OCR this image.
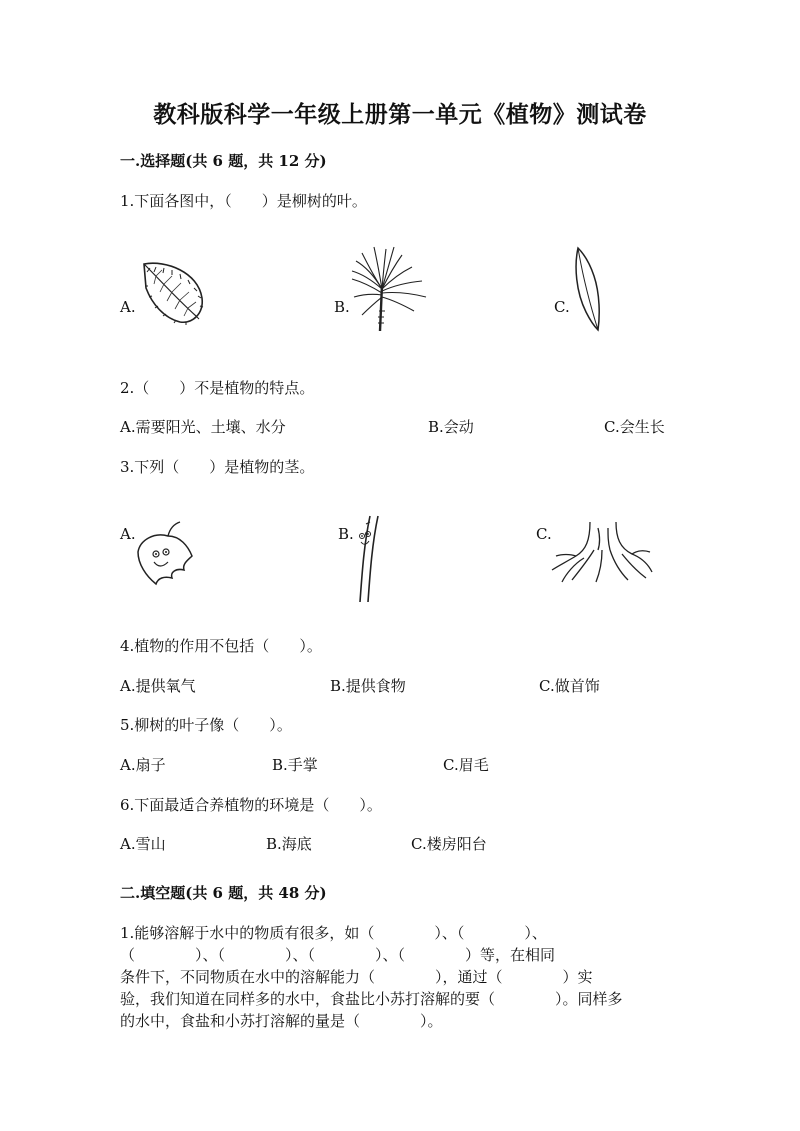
教科版科学一年级上册第一单元《植物》测试卷
一.选择题(共 6 题，共 12 分)
1.下面各图中，（　　）是柳树的叶。
A.	B.	C.
2.（　　）不是植物的特点。
A.需要阳光、土壤、水分	B.会动	C.会生长
3.下列（　　）是植物的茎。
A.	B.	C.
4.植物的作用不包括（　　）。
A.提供氧气	B.提供食物	C.做首饰
5.柳树的叶子像（　　）。
A.扇子	B.手掌	C.眉毛
6.下面最适合养植物的环境是（　　）。
A.雪山	B.海底	C.楼房阳台
二.填空题(共 6 题，共 48 分)
1.能够溶解于水中的物质有很多，如（　　　　）、（　　　　）、
（　　　　）、（　　　　）、（　　　　）、（　　　　）等，在相同
条件下，不同物质在水中的溶解能力（　　　　），通过（　　　　）实
验，我们知道在同样多的水中，食盐比小苏打溶解的要（　　　　）。同样多
的水中，食盐和小苏打溶解的量是（　　　　）。
